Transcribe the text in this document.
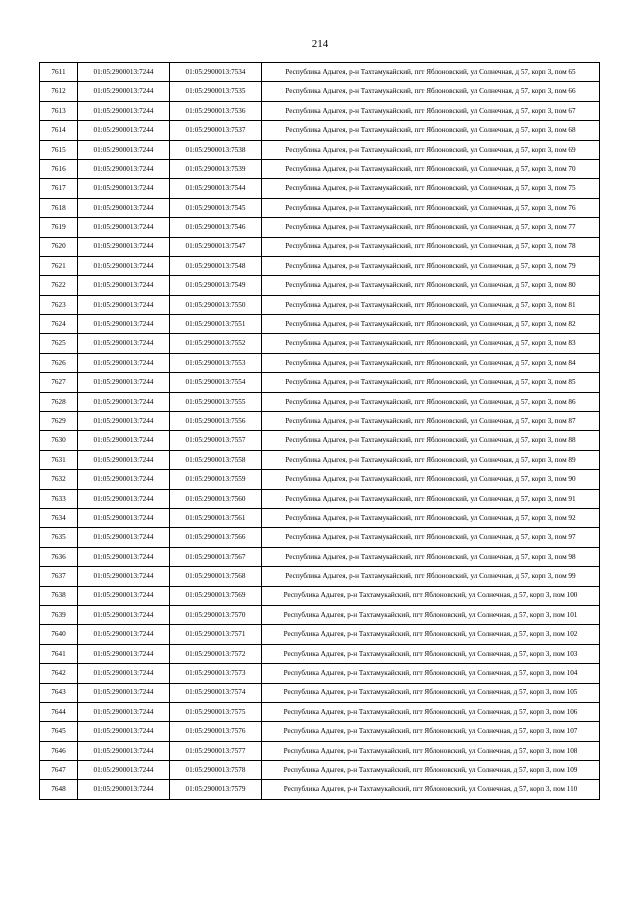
214
7611	01:05:2900013:7244	01:05:2900013:7534	Республика Адыгея, р-н Тахтамукайский, пгт Яблоновский, ул Солнечная, д 57, корп 3, пом 65
7612	01:05:2900013:7244	01:05:2900013:7535	Республика Адыгея, р-н Тахтамукайский, пгт Яблоновский, ул Солнечная, д 57, корп 3, пом 66
7613	01:05:2900013:7244	01:05:2900013:7536	Республика Адыгея, р-н Тахтамукайский, пгт Яблоновский, ул Солнечная, д 57, корп 3, пом 67
7614	01:05:2900013:7244	01:05:2900013:7537	Республика Адыгея, р-н Тахтамукайский, пгт Яблоновский, ул Солнечная, д 57, корп 3, пом 68
7615	01:05:2900013:7244	01:05:2900013:7538	Республика Адыгея, р-н Тахтамукайский, пгт Яблоновский, ул Солнечная, д 57, корп 3, пом 69
7616	01:05:2900013:7244	01:05:2900013:7539	Республика Адыгея, р-н Тахтамукайский, пгт Яблоновский, ул Солнечная, д 57, корп 3, пом 70
7617	01:05:2900013:7244	01:05:2900013:7544	Республика Адыгея, р-н Тахтамукайский, пгт Яблоновский, ул Солнечная, д 57, корп 3, пом 75
7618	01:05:2900013:7244	01:05:2900013:7545	Республика Адыгея, р-н Тахтамукайский, пгт Яблоновский, ул Солнечная, д 57, корп 3, пом 76
7619	01:05:2900013:7244	01:05:2900013:7546	Республика Адыгея, р-н Тахтамукайский, пгт Яблоновский, ул Солнечная, д 57, корп 3, пом 77
7620	01:05:2900013:7244	01:05:2900013:7547	Республика Адыгея, р-н Тахтамукайский, пгт Яблоновский, ул Солнечная, д 57, корп 3, пом 78
7621	01:05:2900013:7244	01:05:2900013:7548	Республика Адыгея, р-н Тахтамукайский, пгт Яблоновский, ул Солнечная, д 57, корп 3, пом 79
7622	01:05:2900013:7244	01:05:2900013:7549	Республика Адыгея, р-н Тахтамукайский, пгт Яблоновский, ул Солнечная, д 57, корп 3, пом 80
7623	01:05:2900013:7244	01:05:2900013:7550	Республика Адыгея, р-н Тахтамукайский, пгт Яблоновский, ул Солнечная, д 57, корп 3, пом 81
7624	01:05:2900013:7244	01:05:2900013:7551	Республика Адыгея, р-н Тахтамукайский, пгт Яблоновский, ул Солнечная, д 57, корп 3, пом 82
7625	01:05:2900013:7244	01:05:2900013:7552	Республика Адыгея, р-н Тахтамукайский, пгт Яблоновский, ул Солнечная, д 57, корп 3, пом 83
7626	01:05:2900013:7244	01:05:2900013:7553	Республика Адыгея, р-н Тахтамукайский, пгт Яблоновский, ул Солнечная, д 57, корп 3, пом 84
7627	01:05:2900013:7244	01:05:2900013:7554	Республика Адыгея, р-н Тахтамукайский, пгт Яблоновский, ул Солнечная, д 57, корп 3, пом 85
7628	01:05:2900013:7244	01:05:2900013:7555	Республика Адыгея, р-н Тахтамукайский, пгт Яблоновский, ул Солнечная, д 57, корп 3, пом 86
7629	01:05:2900013:7244	01:05:2900013:7556	Республика Адыгея, р-н Тахтамукайский, пгт Яблоновский, ул Солнечная, д 57, корп 3, пом 87
7630	01:05:2900013:7244	01:05:2900013:7557	Республика Адыгея, р-н Тахтамукайский, пгт Яблоновский, ул Солнечная, д 57, корп 3, пом 88
7631	01:05:2900013:7244	01:05:2900013:7558	Республика Адыгея, р-н Тахтамукайский, пгт Яблоновский, ул Солнечная, д 57, корп 3, пом 89
7632	01:05:2900013:7244	01:05:2900013:7559	Республика Адыгея, р-н Тахтамукайский, пгт Яблоновский, ул Солнечная, д 57, корп 3, пом 90
7633	01:05:2900013:7244	01:05:2900013:7560	Республика Адыгея, р-н Тахтамукайский, пгт Яблоновский, ул Солнечная, д 57, корп 3, пом 91
7634	01:05:2900013:7244	01:05:2900013:7561	Республика Адыгея, р-н Тахтамукайский, пгт Яблоновский, ул Солнечная, д 57, корп 3, пом 92
7635	01:05:2900013:7244	01:05:2900013:7566	Республика Адыгея, р-н Тахтамукайский, пгт Яблоновский, ул Солнечная, д 57, корп 3, пом 97
7636	01:05:2900013:7244	01:05:2900013:7567	Республика Адыгея, р-н Тахтамукайский, пгт Яблоновский, ул Солнечная, д 57, корп 3, пом 98
7637	01:05:2900013:7244	01:05:2900013:7568	Республика Адыгея, р-н Тахтамукайский, пгт Яблоновский, ул Солнечная, д 57, корп 3, пом 99
7638	01:05:2900013:7244	01:05:2900013:7569	Республика Адыгея, р-н Тахтамукайский, пгт Яблоновский, ул Солнечная, д 57, корп 3, пом 100
7639	01:05:2900013:7244	01:05:2900013:7570	Республика Адыгея, р-н Тахтамукайский, пгт Яблоновский, ул Солнечная, д 57, корп 3, пом 101
7640	01:05:2900013:7244	01:05:2900013:7571	Республика Адыгея, р-н Тахтамукайский, пгт Яблоновский, ул Солнечная, д 57, корп 3, пом 102
7641	01:05:2900013:7244	01:05:2900013:7572	Республика Адыгея, р-н Тахтамукайский, пгт Яблоновский, ул Солнечная, д 57, корп 3, пом 103
7642	01:05:2900013:7244	01:05:2900013:7573	Республика Адыгея, р-н Тахтамукайский, пгт Яблоновский, ул Солнечная, д 57, корп 3, пом 104
7643	01:05:2900013:7244	01:05:2900013:7574	Республика Адыгея, р-н Тахтамукайский, пгт Яблоновский, ул Солнечная, д 57, корп 3, пом 105
7644	01:05:2900013:7244	01:05:2900013:7575	Республика Адыгея, р-н Тахтамукайский, пгт Яблоновский, ул Солнечная, д 57, корп 3, пом 106
7645	01:05:2900013:7244	01:05:2900013:7576	Республика Адыгея, р-н Тахтамукайский, пгт Яблоновский, ул Солнечная, д 57, корп 3, пом 107
7646	01:05:2900013:7244	01:05:2900013:7577	Республика Адыгея, р-н Тахтамукайский, пгт Яблоновский, ул Солнечная, д 57, корп 3, пом 108
7647	01:05:2900013:7244	01:05:2900013:7578	Республика Адыгея, р-н Тахтамукайский, пгт Яблоновский, ул Солнечная, д 57, корп 3, пом 109
7648	01:05:2900013:7244	01:05:2900013:7579	Республика Адыгея, р-н Тахтамукайский, пгт Яблоновский, ул Солнечная, д 57, корп 3, пом 110
